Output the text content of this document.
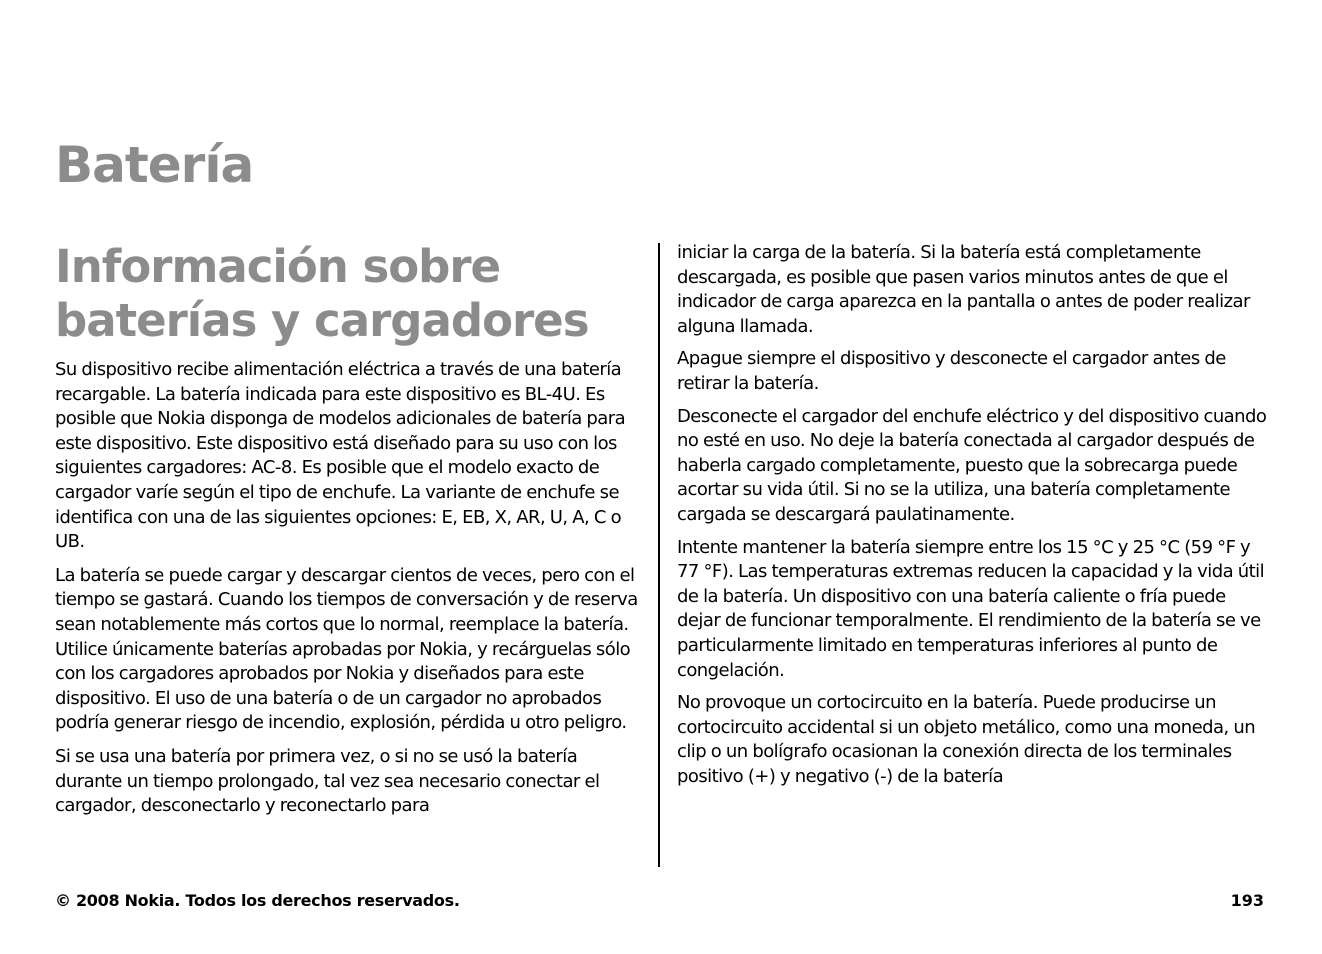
Batería
Información sobre
baterías y cargadores

Su dispositivo recibe alimentación eléctrica a través de una batería recargable. La batería indicada para este dispositivo es BL-4U. Es posible que Nokia disponga de modelos adicionales de batería para este dispositivo. Este dispositivo está diseñado para su uso con los siguientes cargadores: AC-8. Es posible que el modelo exacto de cargador varíe según el tipo de enchufe. La variante de enchufe se identifica con una de las siguientes opciones: E, EB, X, AR, U, A, C o UB.

La batería se puede cargar y descargar cientos de veces, pero con el tiempo se gastará. Cuando los tiempos de conversación y de reserva sean notablemente más cortos que lo normal, reemplace la batería. Utilice únicamente baterías aprobadas por Nokia, y recárguelas sólo con los cargadores aprobados por Nokia y diseñados para este dispositivo. El uso de una batería o de un cargador no aprobados podría generar riesgo de incendio, explosión, pérdida u otro peligro.

Si se usa una batería por primera vez, o si no se usó la batería durante un tiempo prolongado, tal vez sea necesario conectar el cargador, desconectarlo y reconectarlo para

iniciar la carga de la batería. Si la batería está completamente descargada, es posible que pasen varios minutos antes de que el indicador de carga aparezca en la pantalla o antes de poder realizar alguna llamada.

Apague siempre el dispositivo y desconecte el cargador antes de retirar la batería.

Desconecte el cargador del enchufe eléctrico y del dispositivo cuando no esté en uso. No deje la batería conectada al cargador después de haberla cargado completamente, puesto que la sobrecarga puede acortar su vida útil. Si no se la utiliza, una batería completamente cargada se descargará paulatinamente.

Intente mantener la batería siempre entre los 15 °C y 25 °C (59 °F y 77 °F). Las temperaturas extremas reducen la capacidad y la vida útil de la batería. Un dispositivo con una batería caliente o fría puede dejar de funcionar temporalmente. El rendimiento de la batería se ve particularmente limitado en temperaturas inferiores al punto de congelación.

No provoque un cortocircuito en la batería. Puede producirse un cortocircuito accidental si un objeto metálico, como una moneda, un clip o un bolígrafo ocasionan la conexión directa de los terminales positivo (+) y negativo (-) de la batería

© 2008 Nokia. Todos los derechos reservados.	193
